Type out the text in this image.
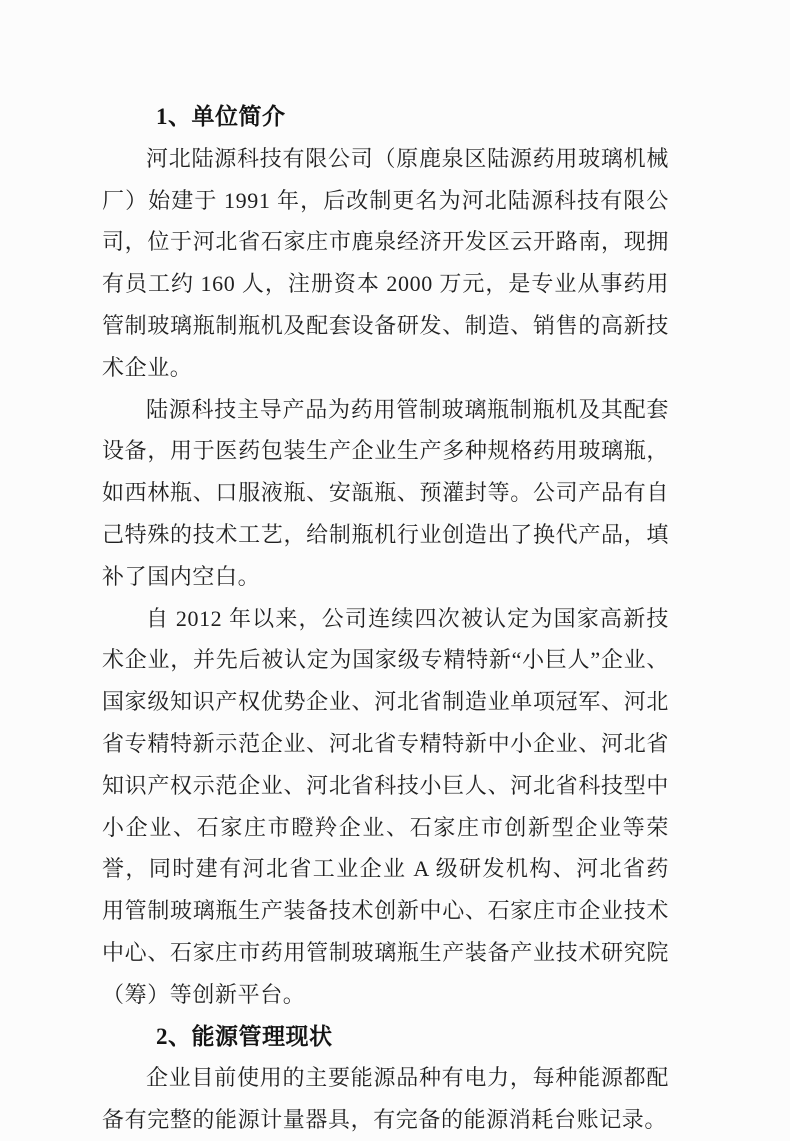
1、单位简介

河北陆源科技有限公司（原鹿泉区陆源药用玻璃机械厂）始建于 1991 年，后改制更名为河北陆源科技有限公司，位于河北省石家庄市鹿泉经济开发区云开路南，现拥有员工约 160 人，注册资本 2000 万元，是专业从事药用管制玻璃瓶制瓶机及配套设备研发、制造、销售的高新技术企业。

陆源科技主导产品为药用管制玻璃瓶制瓶机及其配套设备，用于医药包装生产企业生产多种规格药用玻璃瓶，如西林瓶、口服液瓶、安瓿瓶、预灌封等。公司产品有自己特殊的技术工艺，给制瓶机行业创造出了换代产品，填补了国内空白。

自 2012 年以来，公司连续四次被认定为国家高新技术企业，并先后被认定为国家级专精特新“小巨人”企业、国家级知识产权优势企业、河北省制造业单项冠军、河北省专精特新示范企业、河北省专精特新中小企业、河北省知识产权示范企业、河北省科技小巨人、河北省科技型中小企业、石家庄市瞪羚企业、石家庄市创新型企业等荣誉，同时建有河北省工业企业 A 级研发机构、河北省药用管制玻璃瓶生产装备技术创新中心、石家庄市企业技术中心、石家庄市药用管制玻璃瓶生产装备产业技术研究院（筹）等创新平台。

2、能源管理现状

企业目前使用的主要能源品种有电力，每种能源都配备有完整的能源计量器具，有完备的能源消耗台账记录。
